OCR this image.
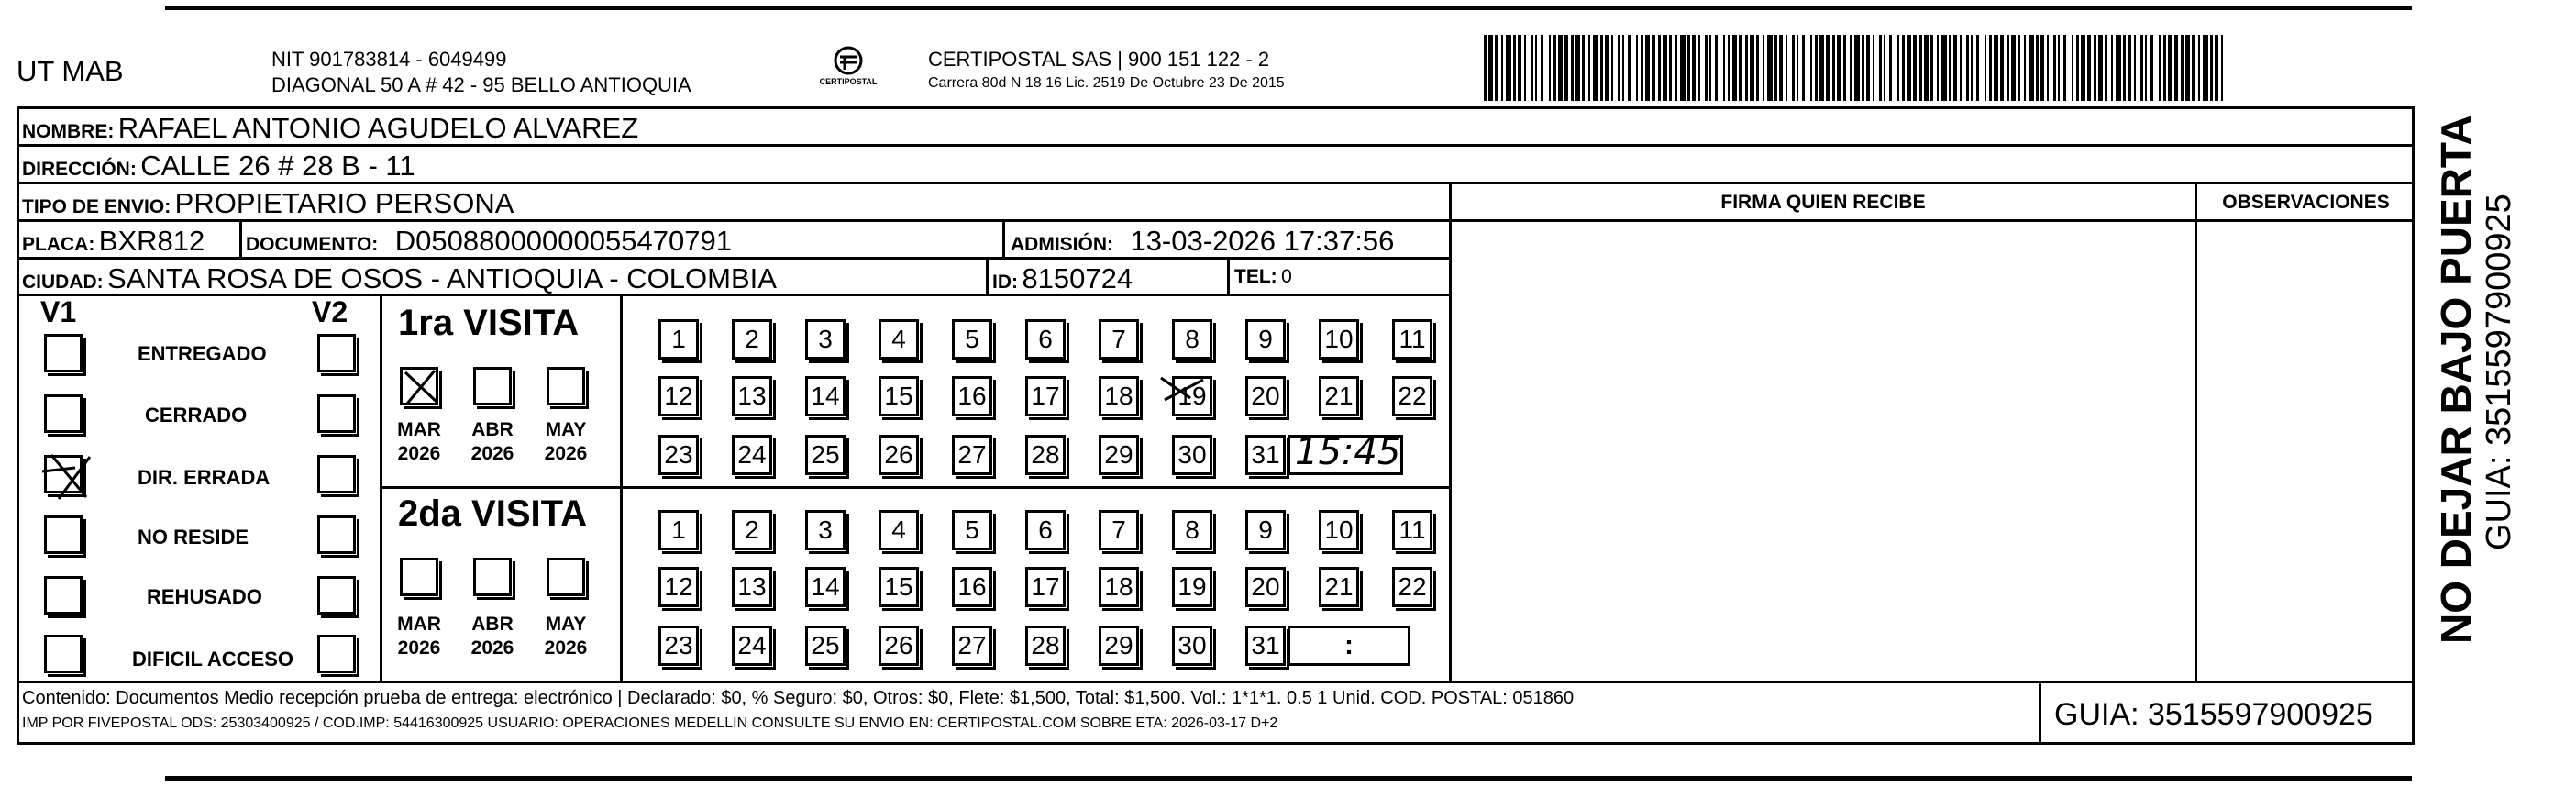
UT MAB	NIT 901783814 - 6049499
DIAGONAL 50 A # 42 - 95 BELLO ANTIOQUIA	CERTIPOSTAL
CERTIPOSTAL SAS | 900 151 122 - 2
Carrera 80d N 18 16 Lic. 2519 De Octubre 23 De 2015
NOMBRE: RAFAEL ANTONIO AGUDELO ALVAREZ
DIRECCIÓN: CALLE 26 # 28 B - 11
TIPO DE ENVIO: PROPIETARIO PERSONA	FIRMA QUIEN RECIBE	OBSERVACIONES
PLACA: BXR812 DOCUMENTO: D05088000000055470791	ADMISIÓN: 13-03-2026 17:37:56
CIUDAD: SANTA ROSA DE OSOS - ANTIOQUIA - COLOMBIA	ID: 8150724	TEL: 0
V1	V2
ENTREGADO
CERRADO
DIR. ERRADA
NO RESIDE
REHUSADO
DIFICIL ACCESO
1ra VISITA
MAR
2026
ABR
2026
MAY
2026
2da VISITA
MAR
2026
ABR
2026
MAY
2026
1	2	3	4	5	6	7	8	9	10 11
12 13 14 15 16 17 18 19 20 21 22
23 24 25 26 27 28 29 30 31
1	2	3	4	5	6	7	8	9	10 11
12 13 14 15 16 17 18 19 20 21 22
23 24 25 26 27 28 29 30 31
15:45
:
Contenido: Documentos Medio recepción prueba de entrega: electrónico | Declarado: $0, % Seguro: $0, Otros: $0, Flete: $1,500, Total: $1,500. Vol.: 1*1*1. 0.5 1 Unid. COD. POSTAL: 051860
IMP POR FIVEPOSTAL ODS: 25303400925 / COD.IMP: 54416300925 USUARIO: OPERACIONES MEDELLIN CONSULTE SU ENVIO EN: CERTIPOSTAL.COM SOBRE ETA: 2026-03-17 D+2	GUIA: 3515597900925
NO DEJAR BAJO PUERTA GUIA: 3515597900925
